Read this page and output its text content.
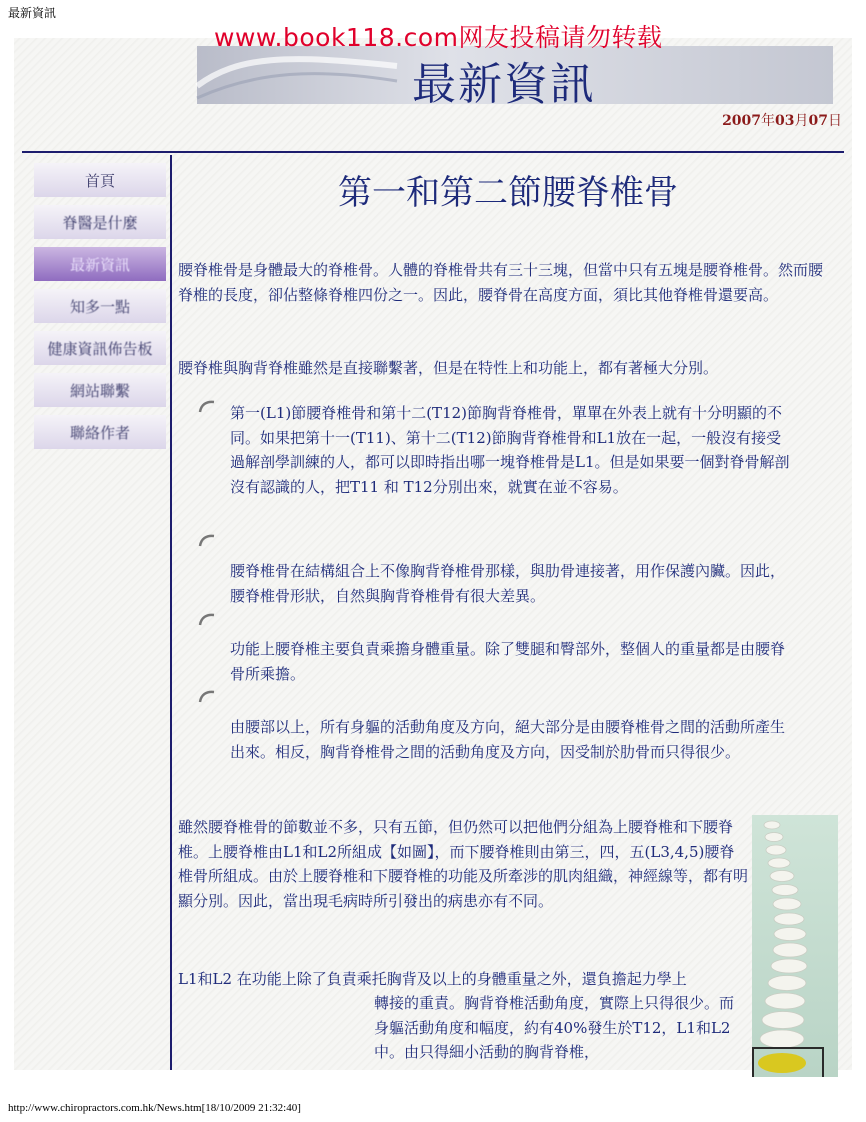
最新資訊
最新資訊
www.book118.com网友投稿请勿转载
2007年03月07日
首頁
脊醫是什麼
最新資訊
知多一點
健康資訊佈告板
網站聯繫
聯絡作者
第一和第二節腰脊椎骨

腰脊椎骨是身體最大的脊椎骨。人體的脊椎骨共有三十三塊，但當中只有五塊是腰脊椎骨。然而腰脊椎的長度，卻佔整條脊椎四份之一。因此，腰脊骨在高度方面，須比其他脊椎骨還要高。

腰脊椎與胸背脊椎雖然是直接聯繫著，但是在特性上和功能上，都有著極大分別。

第一(L1)節腰脊椎骨和第十二(T12)節胸背脊椎骨，單單在外表上就有十分明顯的不同。如果把第十一(T11)、第十二(T12)節胸背脊椎骨和L1放在一起，一般沒有接受過解剖學訓練的人，都可以即時指出哪一塊脊椎骨是L1。但是如果要一個對脊骨解剖沒有認識的人，把T11 和 T12分別出來，就實在並不容易。

腰脊椎骨在結構組合上不像胸背脊椎骨那樣，與肋骨連接著，用作保護內臟。因此，腰脊椎骨形狀，自然與胸背脊椎骨有很大差異。

功能上腰脊椎主要負責乘擔身體重量。除了雙腿和臀部外，整個人的重量都是由腰脊骨所乘擔。

由腰部以上，所有身軀的活動角度及方向，絕大部分是由腰脊椎骨之間的活動所產生出來。相反，胸背脊椎骨之間的活動角度及方向，因受制於肋骨而只得很少。

雖然腰脊椎骨的節數並不多，只有五節，但仍然可以把他們分組為上腰脊椎和下腰脊椎。上腰脊椎由L1和L2所組成【如圖】，而下腰脊椎則由第三，四，五(L3,4,5)腰脊椎骨所組成。由於上腰脊椎和下腰脊椎的功能及所牽涉的肌肉組織，神經線等，都有明顯分別。因此，當出現毛病時所引發出的病患亦有不同。

L1和L2 在功能上除了負責乘托胸背及以上的身體重量之外，還負擔起力學上

轉接的重責。胸背脊椎活動角度，實際上只得很少。而身軀活動角度和幅度，約有40%發生於T12，L1和L2中。由只得細小活動的胸背脊椎，

http://www.chiropractors.com.hk/News.htm[18/10/2009 21:32:40]
